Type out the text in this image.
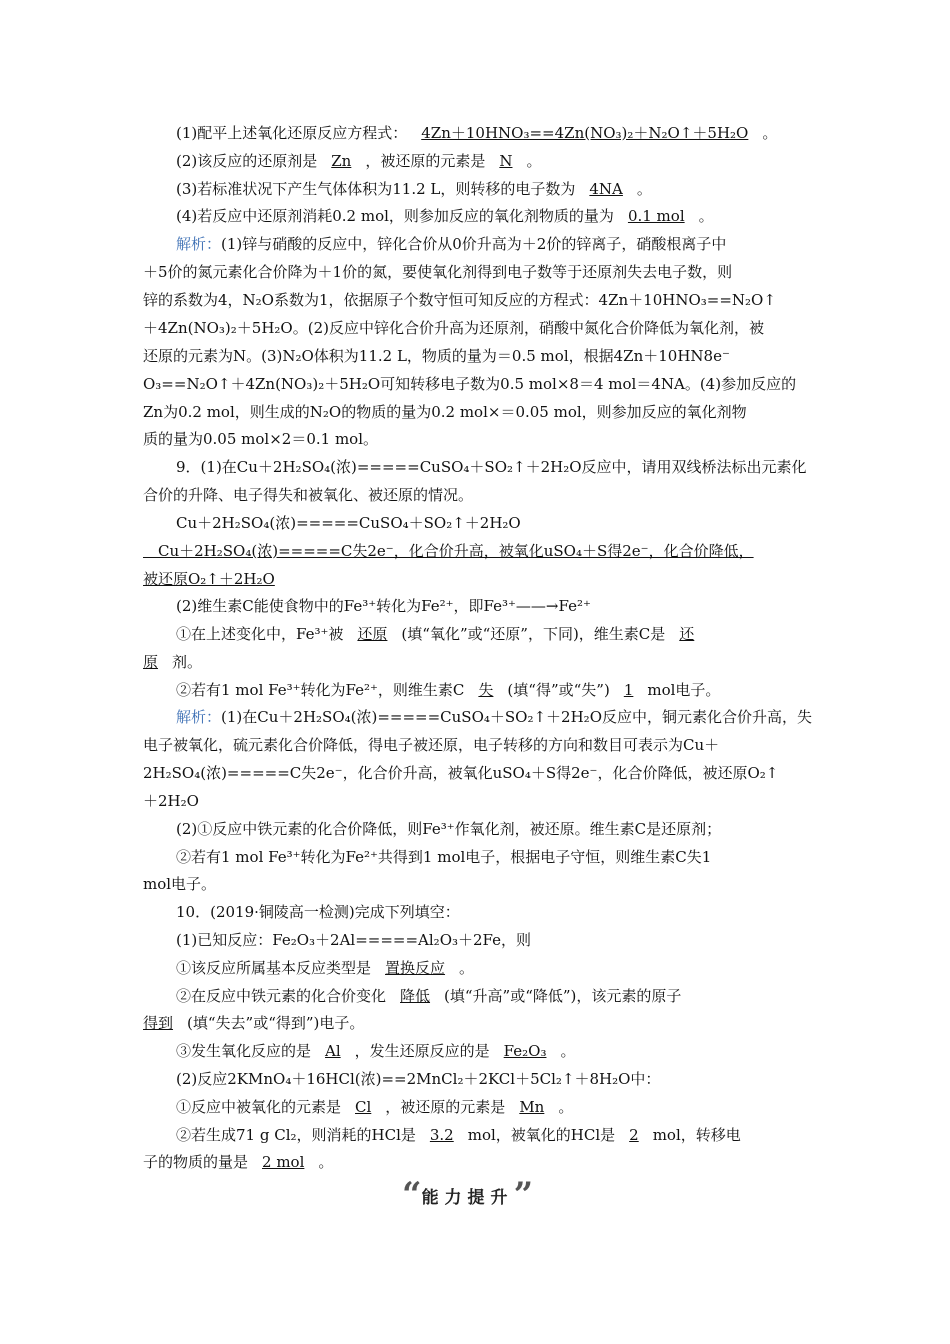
(1)配平上述氧化还原反应方程式： 4Zn＋10HNO₃==4Zn(NO₃)₂＋N₂O↑＋5H₂O 。
(2)该反应的还原剂是 Zn ，被还原的元素是 N 。
(3)若标准状况下产生气体体积为11.2 L，则转移的电子数为 4NA 。
(4)若反应中还原剂消耗0.2 mol，则参加反应的氧化剂物质的量为 0.1 mol 。
解析：(1)锌与硝酸的反应中，锌化合价从0价升高为＋2价的锌离子，硝酸根离子中
＋5价的氮元素化合价降为＋1价的氮，要使氧化剂得到电子数等于还原剂失去电子数，则
锌的系数为4，N₂O系数为1，依据原子个数守恒可知反应的方程式：4Zn＋10HNO₃==N₂O↑
＋4Zn(NO₃)₂＋5H₂O。(2)反应中锌化合价升高为还原剂，硝酸中氮化合价降低为氧化剂，被
还原的元素为N。(3)N₂O体积为11.2 L，物质的量为＝0.5 mol，根据4Zn＋10HN8e⁻
O₃==N₂O↑＋4Zn(NO₃)₂＋5H₂O可知转移电子数为0.5 mol×8＝4 mol＝4NA。(4)参加反应的
Zn为0.2 mol，则生成的N₂O的物质的量为0.2 mol×＝0.05 mol，则参加反应的氧化剂物
质的量为0.05 mol×2＝0.1 mol。
9．(1)在Cu＋2H₂SO₄(浓)=====CuSO₄＋SO₂↑＋2H₂O反应中，请用双线桥法标出元素化
合价的升降、电子得失和被氧化、被还原的情况。
Cu＋2H₂SO₄(浓)=====CuSO₄＋SO₂↑＋2H₂O
　Cu＋2H₂SO₄(浓)=====C失2e⁻，化合价升高，被氧化uSO₄＋S得2e⁻，化合价降低，
被还原O₂↑＋2H₂O
(2)维生素C能使食物中的Fe³⁺转化为Fe²⁺，即Fe³⁺——→Fe²⁺
①在上述变化中，Fe³⁺被 还原 (填“氧化”或“还原”，下同)，维生素C是 还
原 剂。
②若有1 mol Fe³⁺转化为Fe²⁺，则维生素C 失 (填“得”或“失”) 1 mol电子。
解析：(1)在Cu＋2H₂SO₄(浓)=====CuSO₄＋SO₂↑＋2H₂O反应中，铜元素化合价升高，失
电子被氧化，硫元素化合价降低，得电子被还原，电子转移的方向和数目可表示为Cu＋
2H₂SO₄(浓)=====C失2e⁻，化合价升高，被氧化uSO₄＋S得2e⁻，化合价降低，被还原O₂↑
＋2H₂O
(2)①反应中铁元素的化合价降低，则Fe³⁺作氧化剂，被还原。维生素C是还原剂；
②若有1 mol Fe³⁺转化为Fe²⁺共得到1 mol电子，根据电子守恒，则维生素C失1
mol电子。
10．(2019·铜陵高一检测)完成下列填空：
(1)已知反应：Fe₂O₃＋2Al=====Al₂O₃＋2Fe，则
①该反应所属基本反应类型是 置换反应 。
②在反应中铁元素的化合价变化 降低 (填“升高”或“降低”)，该元素的原子
得到 (填“失去”或“得到”)电子。
③发生氧化反应的是 Al ，发生还原反应的是 Fe₂O₃ 。
(2)反应2KMnO₄＋16HCl(浓)==2MnCl₂＋2KCl＋5Cl₂↑＋8H₂O中：
①反应中被氧化的元素是 Cl ，被还原的元素是 Mn 。
②若生成71 g Cl₂，则消耗的HCl是 3.2 mol，被氧化的HCl是 2 mol，转移电
子的物质的量是 2 mol 。
“ 能力提升 ”
